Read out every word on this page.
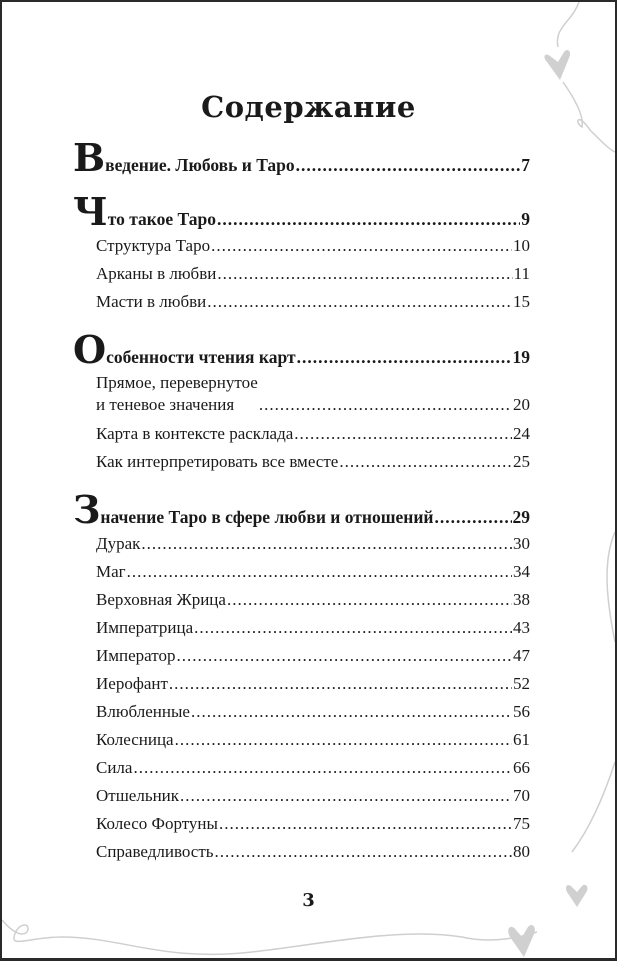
Содержание
Введение. Любовь и Таро .....	7
Что такое Таро .....	9
Структура Таро .....	10
Арканы в любви .....	11
Масти в любви .....	15
Особенности чтения карт .....	19
Прямое, перевернутое
и теневое значения .....	20
Карта в контексте расклада .....	24
Как интерпретировать все вместе .....	25
Значение Таро в сфере любви и отношений .....	29
Дурак .....	30
Маг .....	34
Верховная Жрица .....	38
Императрица .....	43
Император .....	47
Иерофант .....	52
Влюбленные .....	56
Колесница .....	61
Сила .....	66
Отшельник .....	70
Колесо Фортуны .....	75
Справедливость .....	80
3
